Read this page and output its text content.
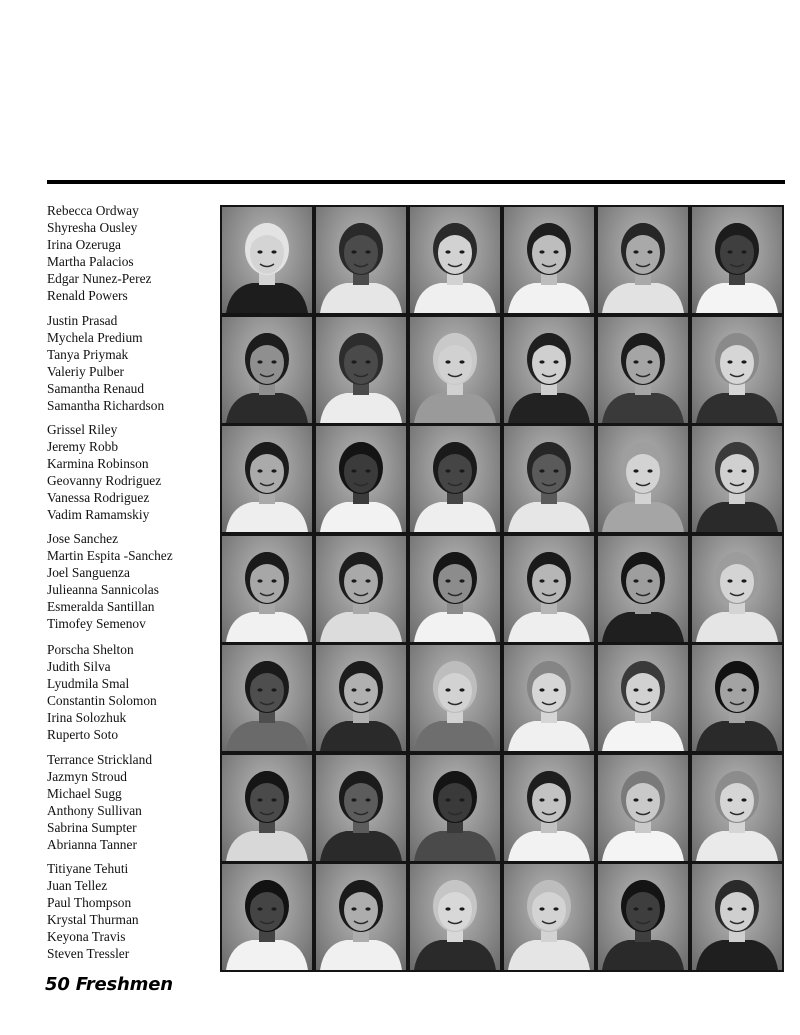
Rebecca Ordway
Shyresha Ousley
Irina Ozeruga
Martha Palacios
Edgar Nunez-Perez
Renald Powers
Justin Prasad
Mychela Predium
Tanya Priymak
Valeriy Pulber
Samantha Renaud
Samantha Richardson
Grissel Riley
Jeremy Robb
Karmina Robinson
Geovanny Rodriguez
Vanessa Rodriguez
Vadim Ramamskiy
Jose Sanchez
Martin Espita -Sanchez
Joel Sanguenza
Julieanna Sannicolas
Esmeralda Santillan
Timofey Semenov
Porscha Shelton
Judith Silva
Lyudmila Smal
Constantin Solomon
Irina Solozhuk
Ruperto Soto
Terrance Strickland
Jazmyn Stroud
Michael Sugg
Anthony Sullivan
Sabrina Sumpter
Abrianna Tanner
Titiyane Tehuti
Juan Tellez
Paul Thompson
Krystal Thurman
Keyona Travis
Steven Tressler
50 Freshmen
